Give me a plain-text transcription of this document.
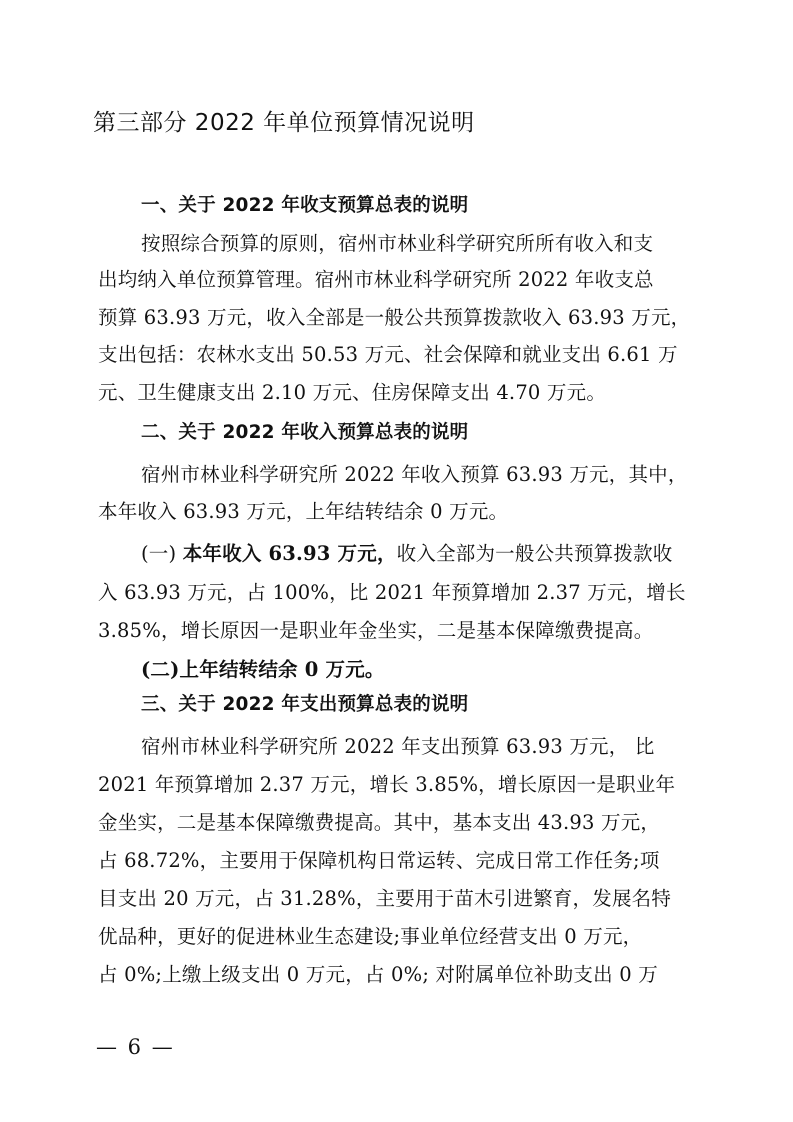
第三部分 2022 年单位预算情况说明
一、关于 2022 年收支预算总表的说明
按照综合预算的原则，宿州市林业科学研究所所有收入和支
出均纳入单位预算管理。宿州市林业科学研究所 2022 年收支总
预算 63.93 万元，收入全部是一般公共预算拨款收入 63.93 万元，
支出包括：农林水支出 50.53 万元、社会保障和就业支出 6.61 万
元、卫生健康支出 2.10 万元、住房保障支出 4.70 万元。
二、关于 2022 年收入预算总表的说明
宿州市林业科学研究所 2022 年收入预算 63.93 万元，其中，
本年收入 63.93 万元，上年结转结余 0 万元。
(一) 本年收入 63.93 万元，收入全部为一般公共预算拨款收
入 63.93 万元，占 100%，比 2021 年预算增加 2.37 万元，增长
3.85%，增长原因一是职业年金坐实，二是基本保障缴费提高。
(二)上年结转结余 0 万元。
三、关于 2022 年支出预算总表的说明
宿州市林业科学研究所 2022 年支出预算 63.93 万元， 比
2021 年预算增加 2.37 万元，增长 3.85%，增长原因一是职业年
金坐实，二是基本保障缴费提高。其中，基本支出 43.93 万元，
占 68.72%，主要用于保障机构日常运转、完成日常工作任务;项
目支出 20 万元，占 31.28%，主要用于苗木引进繁育，发展名特
优品种，更好的促进林业生态建设;事业单位经营支出 0 万元，
占 0%;上缴上级支出 0 万元，占 0%; 对附属单位补助支出 0 万
— 6 —
